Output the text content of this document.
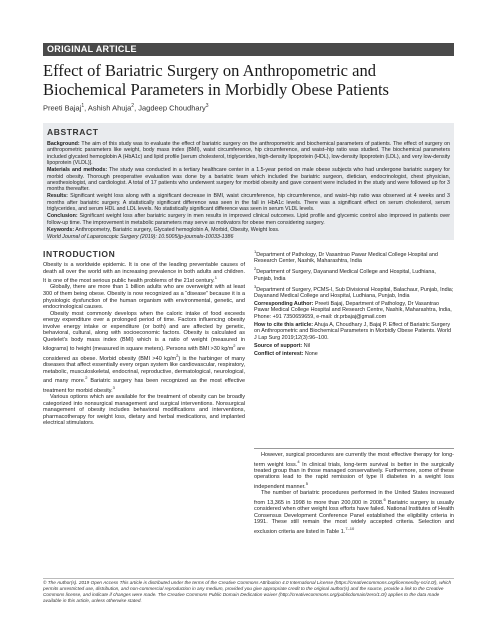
ORIGINAL ARTICLE
Effect of Bariatric Surgery on Anthropometric and
Biochemical Parameters in Morbidly Obese Patients
Preeti Bajaj$^1$, Ashish Ahuja$^2$, Jagdeep Choudhary$^3$
ABSTRACT

Background: The aim of this study was to evaluate the effect of bariatric surgery on the anthropometric and biochemical parameters of patients. The effect of surgery on anthropometric parameters like weight, body mass index (BMI), waist circumference, hip circumference, and waist–hip ratio was studied. The biochemical parameters included glycated hemoglobin A (HbA1c) and lipid profile [serum cholesterol, triglycerides, high-density lipoprotein (HDL), low-density lipoprotein (LDL), and very low-density lipoprotein (VLDL)].

Materials and methods: The study was conducted in a tertiary healthcare center in a 1.5-year period on male obese subjects who had undergone bariatric surgery for morbid obesity. Thorough preoperative evaluation was done by a bariatric team which included the bariatric surgeon, dietician, endocrinologist, chest physician, anesthesiologist, and cardiologist. A total of 17 patients who underwent surgery for morbid obesity and gave consent were included in the study and were followed up for 3 months thereafter.

Results: Significant weight loss along with a significant decrease in BMI, waist circumference, hip circumference, and waist–hip ratio was observed at 4 weeks and 3 months after bariatric surgery. A statistically significant difference was seen in the fall in HbA1c levels. There was a significant effect on serum cholesterol, serum triglycerides, and serum HDL and LDL levels. No statistically significant difference was seen in serum VLDL levels.

Conclusion: Significant weight loss after bariatric surgery in men results in improved clinical outcomes. Lipid profile and glycemic control also improved in patients over follow-up time. The improvement in metabolic parameters may serve as motivators for obese men considering surgery.

Keywords: Anthropometry, Bariatric surgery, Glycated hemoglobin A, Morbid, Obesity, Weight loss.

World Journal of Laparoscopic Surgery (2019): 10.5005/jp-journals-10033-1386

INTRODUCTION

Obesity is a worldwide epidemic. It is one of the leading preventable causes of death all over the world with an increasing prevalence in both adults and children. It is one of the most serious public health problems of the 21st century.$^1$

Globally, there are more than 1 billion adults who are overweight with at least 300 of them being obese. Obesity is now recognized as a “disease” because it is a physiologic dysfunction of the human organism with environmental, genetic, and endocrinological causes.

Obesity most commonly develops when the caloric intake of food exceeds energy expenditure over a prolonged period of time. Factors influencing obesity involve energy intake or expenditure (or both) and are affected by genetic, behavioral, cultural, along with socioeconomic factors. Obesity is calculated as Quetelet’s body mass index (BMI) which is a ratio of weight (measured in kilograms) to height (measured in square meters). Persons with BMI >30 $kg/m^2$ are considered as obese. Morbid obesity (BMI >40 $kg/m^2$) is the harbinger of many diseases that affect essentially every organ system like cardiovascular, respiratory, metabolic, musculoskeletal, endocrinal, reproductive, dermatological, neurological, and many more.$^2$ Bariatric surgery has been recognized as the most effective treatment for morbid obesity.$^3$

Various options which are available for the treatment of obesity can be broadly categorized into nonsurgical management and surgical interventions. Nonsurgical management of obesity includes behavioral modifications and interventions, pharmacotherapy for weight loss, dietary and herbal medications, and implanted electrical stimulators.

$^1$Department of Pathology, Dr Vasantrao Pawar Medical College Hospital and Research Center, Nashik, Maharashtra, India

$^2$Department of Surgery, Dayanand Medical College and Hospital, Ludhiana, Punjab, India

$^3$Department of Surgery, PCMS-I, Sub Divisional Hospital, Balachaur, Punjab, India; Dayanand Medical College and Hospital, Ludhiana, Punjab, India

Corresponding Author: Preeti Bajaj, Department of Pathology, Dr Vasantrao Pawar Medical College Hospital and Research Centre, Nashik, Maharashtra, India, Phone: +91 7350659659, e-mail: dr.prbajaj@gmail.com

How to cite this article: Ahuja A, Choudhary J, Bajaj P. Effect of Bariatric Surgery on Anthropometric and Biochemical Parameters in Morbidly Obese Patients. World J Lap Surg 2019;12(3):96–100.

Source of support: Nil

Conflict of interest: None

However, surgical procedures are currently the most effective therapy for long-term weight loss.$^4$ In clinical trials, long-term survival is better in the surgically treated group than in those managed conservatively. Furthermore, some of these operations lead to the rapid remission of type II diabetes in a weight loss independent manner.$^5$

The number of bariatric procedures performed in the United States increased from 13,365 in 1998 to more than 200,000 in 2008.$^6$ Bariatric surgery is usually considered when other weight loss efforts have failed. National Institutes of Health Consensus Development Conference Panel established the eligibility criteria in 1991. These still remain the most widely accepted criteria. Selection and exclusion criteria are listed in Table 1.$^{7-10}$

© The Author(s). 2019 Open Access This article is distributed under the terms of the Creative Commons Attribution 4.0 International License (https://creativecommons.org/licenses/by-nc/4.0/), which permits unrestricted use, distribution, and non-commercial reproduction in any medium, provided you give appropriate credit to the original author(s) and the source, provide a link to the Creative Commons license, and indicate if changes were made. The Creative Commons Public Domain Dedication waiver (http://creativecommons.org/publicdomain/zero/1.0/) applies to the data made available in this article, unless otherwise stated.
